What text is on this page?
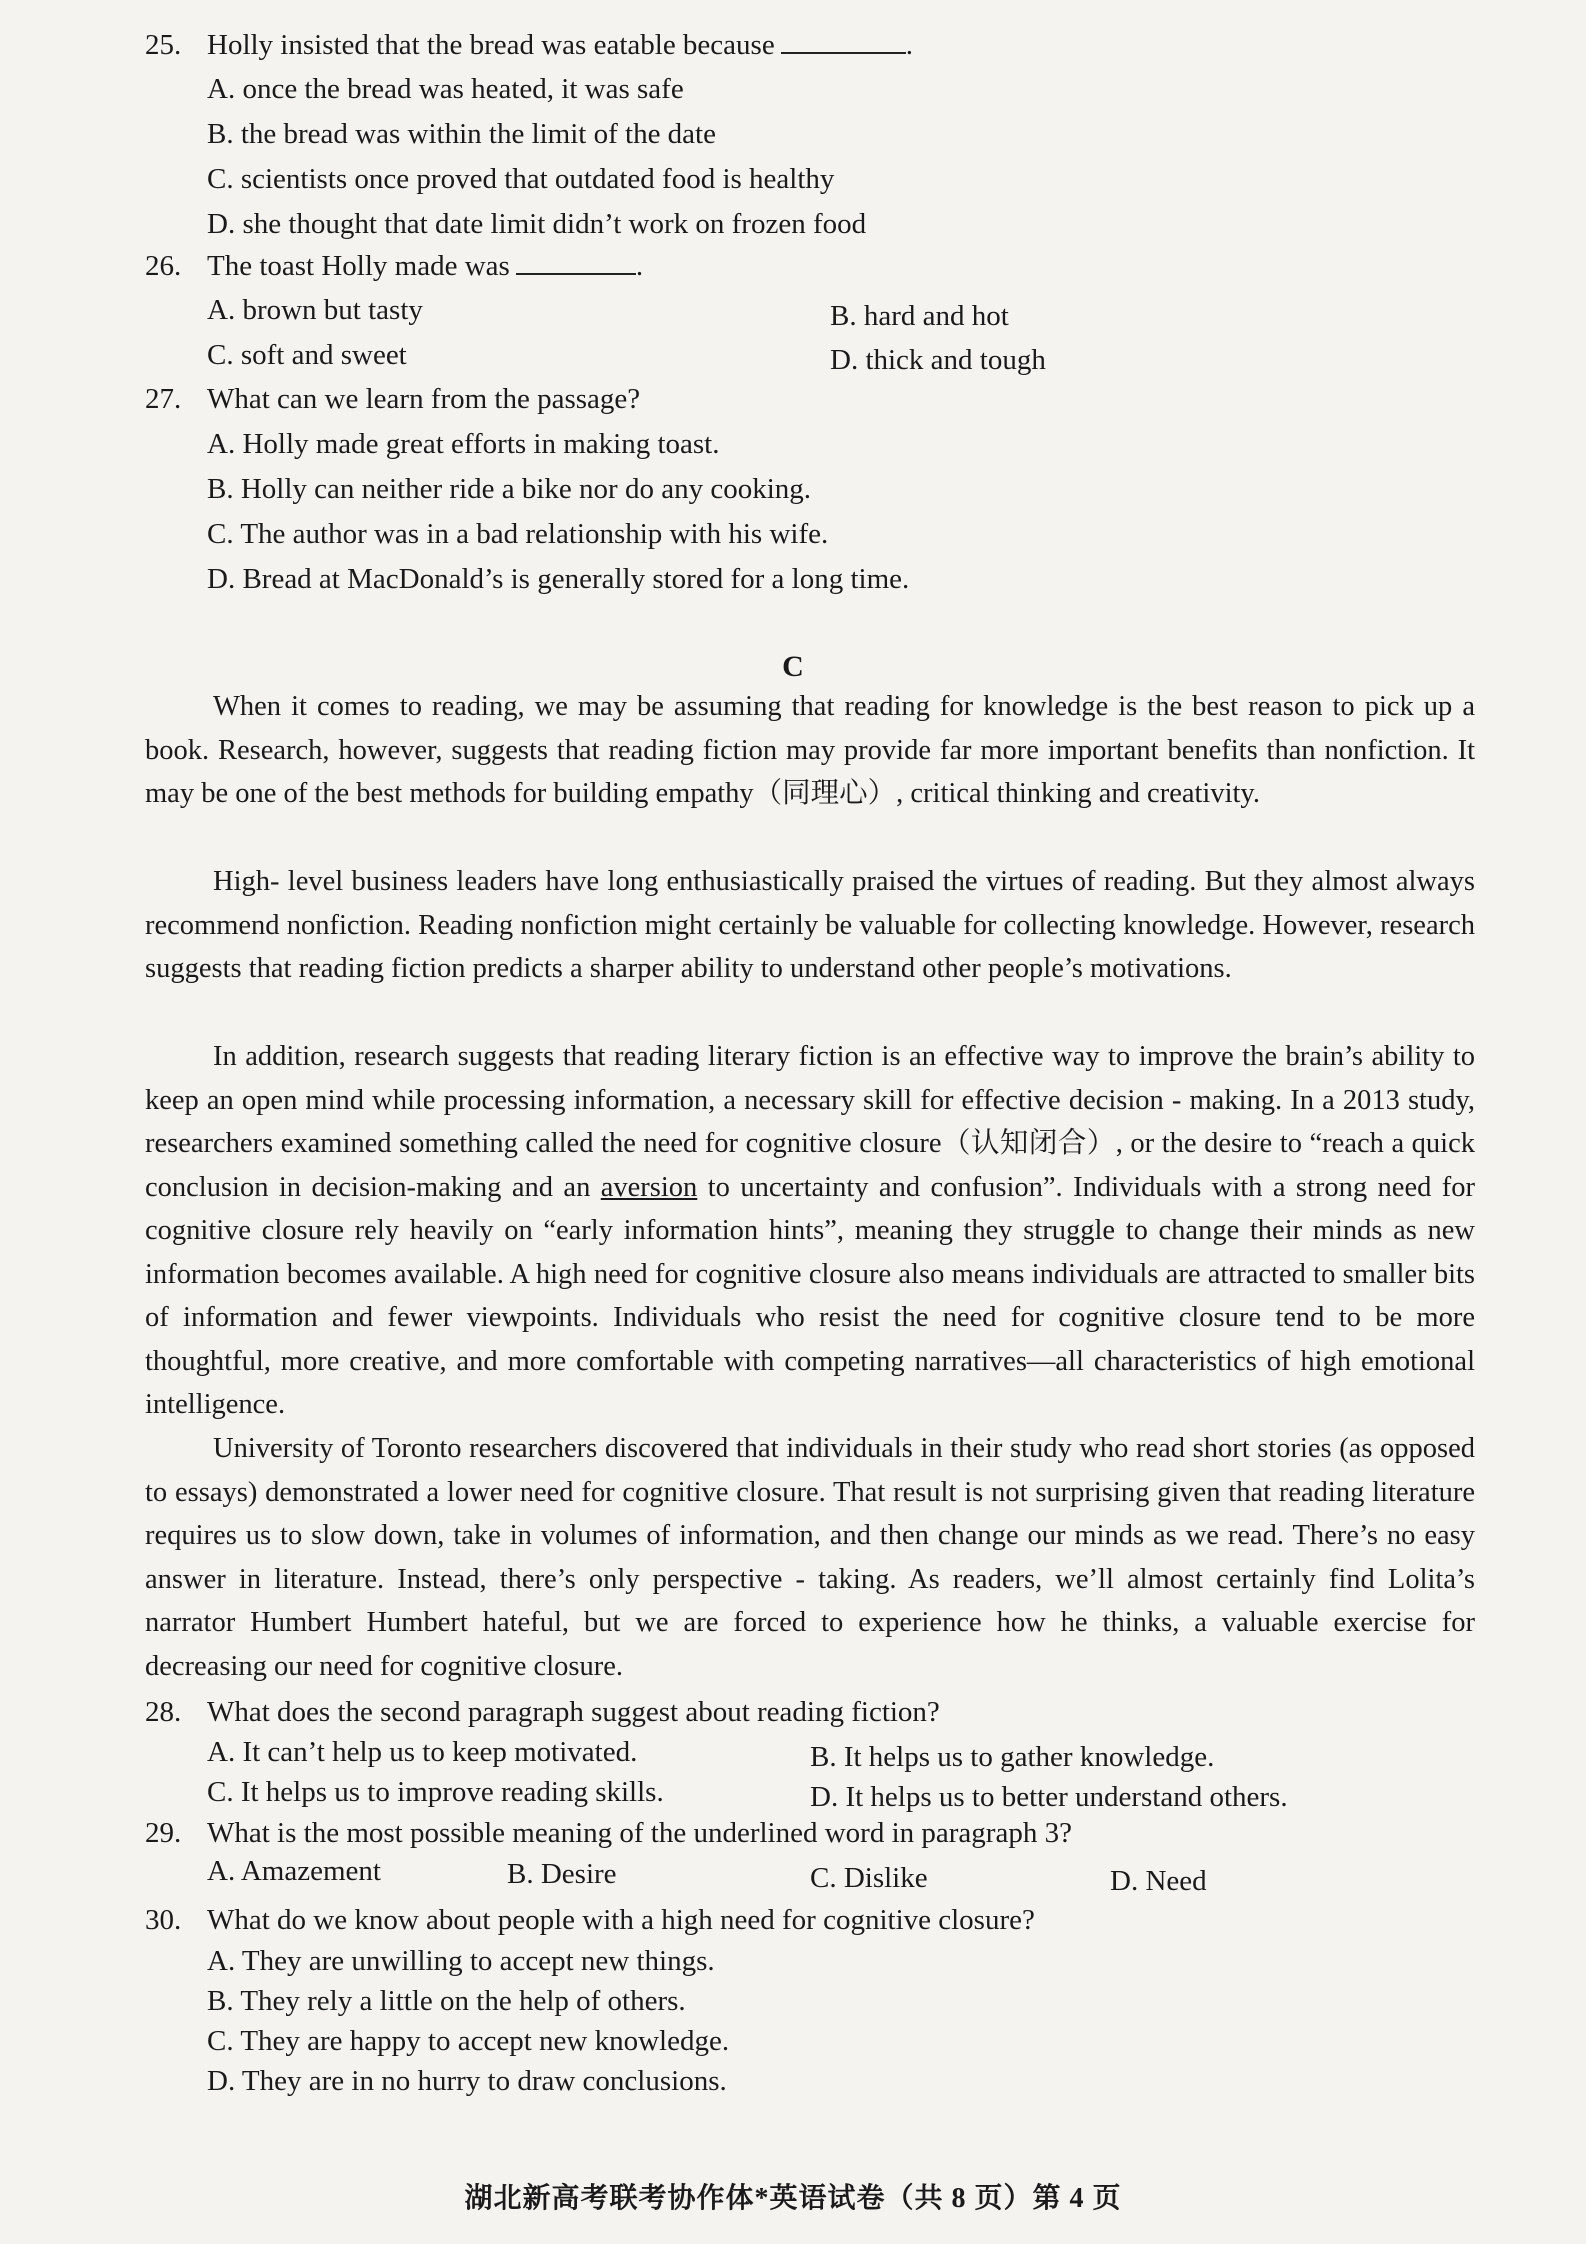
25. Holly insisted that the bread was eatable because	.
A. once the bread was heated, it was safe
B. the bread was within the limit of the date
C. scientists once proved that outdated food is healthy
D. she thought that date limit didn’t work on frozen food
26. The toast Holly made was	.
A. brown but tasty	B. hard and hot
C. soft and sweet	D. thick and tough
27. What can we learn from the passage?
A. Holly made great efforts in making toast.
B. Holly can neither ride a bike nor do any cooking.
C. The author was in a bad relationship with his wife.
D. Bread at MacDonald’s is generally stored for a long time.
C
When it comes to reading, we may be assuming that reading for knowledge is the best reason to pick up a book. Research, however, suggests that reading fiction may provide far more important benefits than nonfiction. It may be one of the best methods for building empathy（同理心）, critical thinking and creativity.
High- level business leaders have long enthusiastically praised the virtues of reading. But they almost always recommend nonfiction. Reading nonfiction might certainly be valuable for collecting knowledge. However, research suggests that reading fiction predicts a sharper ability to understand other people’s motivations.
In addition, research suggests that reading literary fiction is an effective way to improve the brain’s ability to keep an open mind while processing information, a necessary skill for effective decision - making. In a 2013 study, researchers examined something called the need for cognitive closure（认知闭合）, or the desire to “reach a quick conclusion in decision-making and an aversion to uncertainty and confusion”. Individuals with a strong need for cognitive closure rely heavily on “early information hints”, meaning they struggle to change their minds as new information becomes available. A high need for cognitive closure also means individuals are attracted to smaller bits of information and fewer viewpoints. Individuals who resist the need for cognitive closure tend to be more thoughtful, more creative, and more comfortable with competing narratives—all characteristics of high emotional intelligence.
University of Toronto researchers discovered that individuals in their study who read short stories (as opposed to essays) demonstrated a lower need for cognitive closure. That result is not surprising given that reading literature requires us to slow down, take in volumes of information, and then change our minds as we read. There’s no easy answer in literature. Instead, there’s only perspective - taking. As readers, we’ll almost certainly find Lolita’s narrator Humbert Humbert hateful, but we are forced to experience how he thinks, a valuable exercise for decreasing our need for cognitive closure.
28. What does the second paragraph suggest about reading fiction?
A. It can’t help us to keep motivated.	B. It helps us to gather knowledge.
C. It helps us to improve reading skills.	D. It helps us to better understand others.
29. What is the most possible meaning of the underlined word in paragraph 3?
A. Amazement	B. Desire	C. Dislike	D. Need
30. What do we know about people with a high need for cognitive closure?
A. They are unwilling to accept new things.
B. They rely a little on the help of others.
C. They are happy to accept new knowledge.
D. They are in no hurry to draw conclusions.
湖北新高考联考协作体*英语试卷（共 8 页）第 4 页
